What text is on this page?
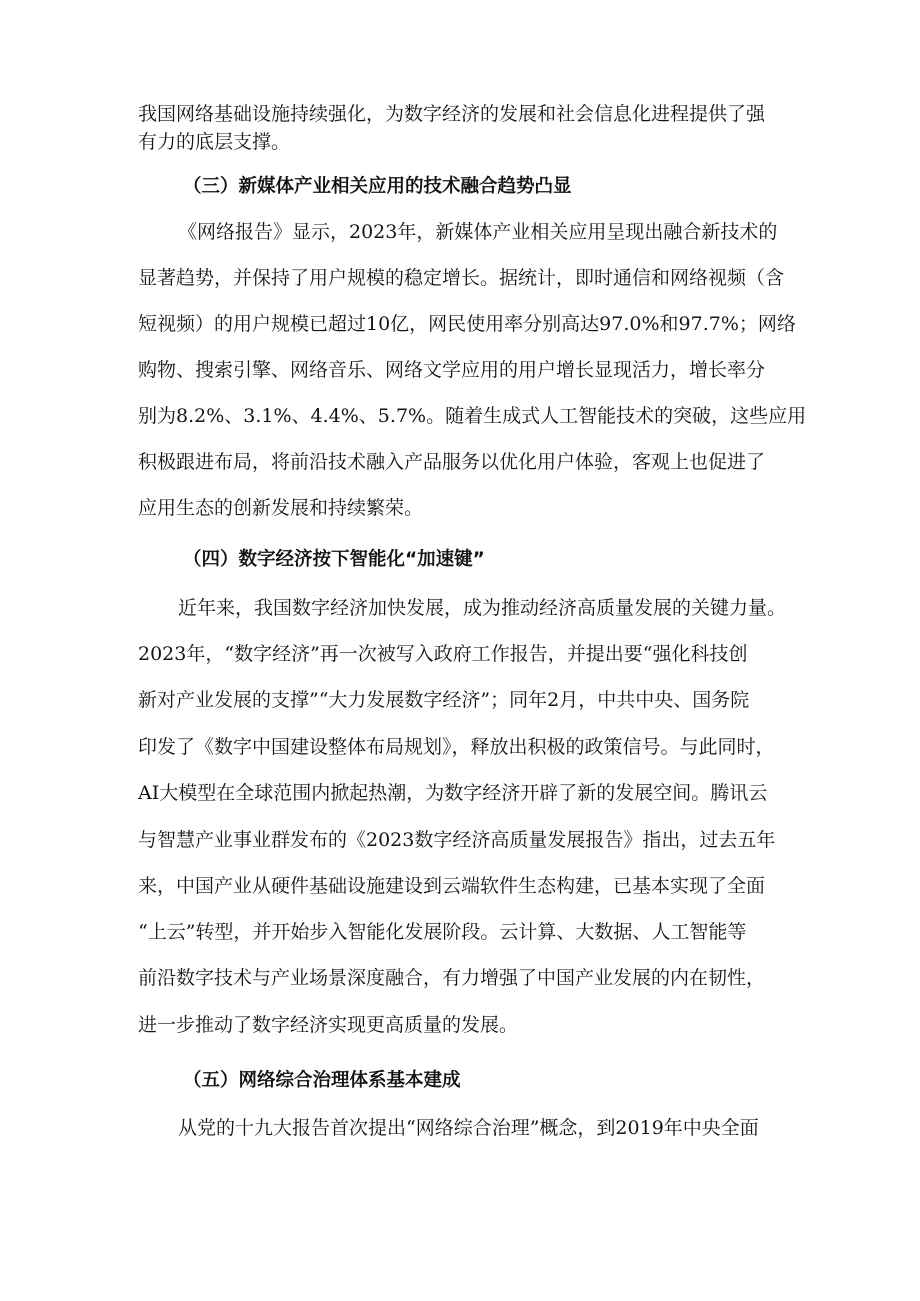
我国网络基础设施持续强化，为数字经济的发展和社会信息化进程提供了强

有力的底层支撑。

（三）新媒体产业相关应用的技术融合趋势凸显

《网络报告》显示，2023年，新媒体产业相关应用呈现出融合新技术的

显著趋势，并保持了用户规模的稳定增长。据统计，即时通信和网络视频（含

短视频）的用户规模已超过10亿，网民使用率分别高达97.0%和97.7%；网络

购物、搜索引擎、网络音乐、网络文学应用的用户增长显现活力，增长率分

别为8.2%、3.1%、4.4%、5.7%。随着生成式人工智能技术的突破，这些应用

积极跟进布局，将前沿技术融入产品服务以优化用户体验，客观上也促进了

应用生态的创新发展和持续繁荣。

（四）数字经济按下智能化“加速键”

近年来，我国数字经济加快发展，成为推动经济高质量发展的关键力量。

2023年，“数字经济”再一次被写入政府工作报告，并提出要“强化科技创

新对产业发展的支撑”“大力发展数字经济”；同年2月，中共中央、国务院

印发了《数字中国建设整体布局规划》，释放出积极的政策信号。与此同时，

AI大模型在全球范围内掀起热潮，为数字经济开辟了新的发展空间。腾讯云

与智慧产业事业群发布的《2023数字经济高质量发展报告》指出，过去五年

来，中国产业从硬件基础设施建设到云端软件生态构建，已基本实现了全面

“上云”转型，并开始步入智能化发展阶段。云计算、大数据、人工智能等

前沿数字技术与产业场景深度融合，有力增强了中国产业发展的内在韧性，

进一步推动了数字经济实现更高质量的发展。

（五）网络综合治理体系基本建成

从党的十九大报告首次提出“网络综合治理”概念，到2019年中央全面
